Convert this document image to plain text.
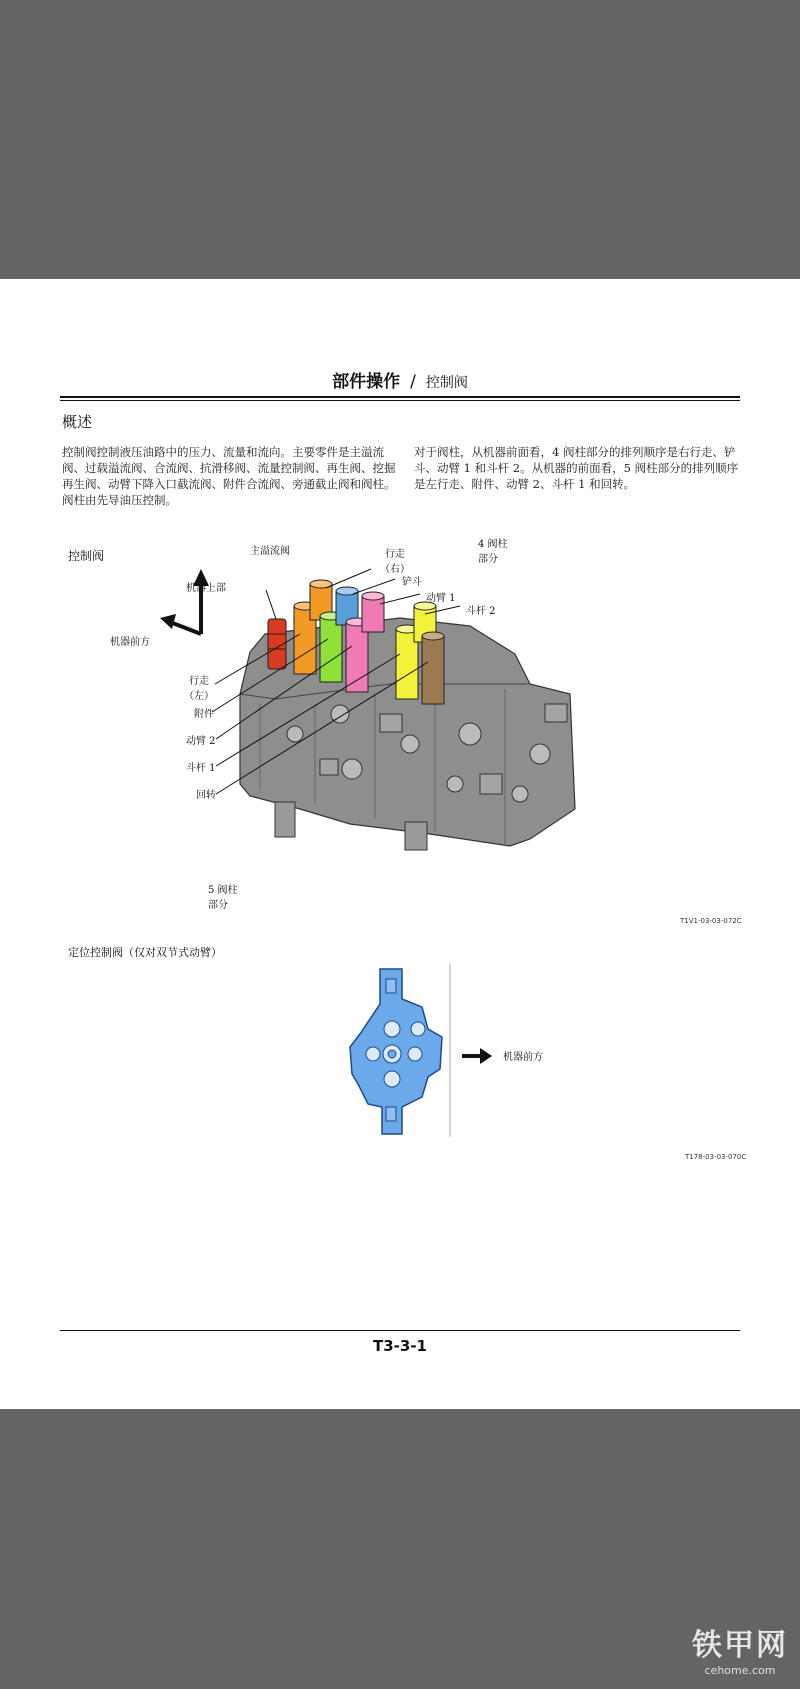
部件操作 / 控制阀
概述
控制阀控制液压油路中的压力、流量和流向。主要零件是主溢流阀、过载溢流阀、合流阀、抗滑移阀、流量控制阀、再生阀、挖掘再生阀、动臂下降入口截流阀、附件合流阀、旁通截止阀和阀柱。阀柱由先导油压控制。
对于阀柱，从机器前面看，4 阀柱部分的排列顺序是右行走、铲斗、动臂 1 和斗杆 2。从机器的前面看，5 阀柱部分的排列顺序是左行走、附件、动臂 2、斗杆 1 和回转。
控制阀	主溢流阀
机器上部
机器前方
4 阀柱
部分
行走
（右）
铲斗
动臂 1
斗杆 2
行走
（左）
附件
动臂 2
斗杆 1
回转
5 阀柱
部分
T1V1-03-03-072C
定位控制阀（仅对双节式动臂）
机器前方
T178-03-03-070C
T3-3-1
铁甲网
cehome.com
